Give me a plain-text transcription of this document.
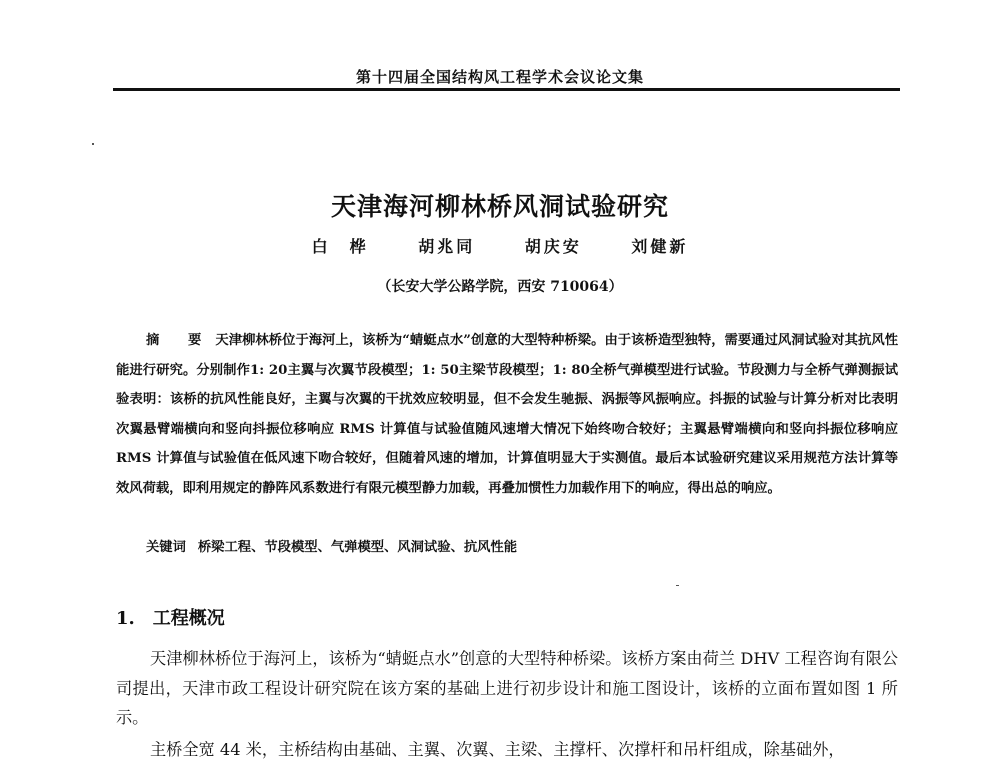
第十四届全国结构风工程学术会议论文集
天津海河柳林桥风洞试验研究
白　桦	胡兆同	胡庆安	刘健新
（长安大学公路学院，西安 710064）
摘 要 天津柳林桥位于海河上，该桥为“蜻蜓点水”创意的大型特种桥梁。由于该桥造型独特，需要通过风洞试验对其抗风性能进行研究。分别制作1: 20主翼与次翼节段模型；1: 50主梁节段模型；1: 80全桥气弹模型进行试验。节段测力与全桥气弹测振试验表明：该桥的抗风性能良好，主翼与次翼的干扰效应较明显，但不会发生驰振、涡振等风振响应。抖振的试验与计算分析对比表明次翼悬臂端横向和竖向抖振位移响应 RMS 计算值与试验值随风速增大情况下始终吻合较好；主翼悬臂端横向和竖向抖振位移响应 RMS 计算值与试验值在低风速下吻合较好，但随着风速的增加，计算值明显大于实测值。最后本试验研究建议采用规范方法计算等效风荷载，即利用规定的静阵风系数进行有限元模型静力加载，再叠加惯性力加载作用下的响应，得出总的响应。
关键词 桥梁工程、节段模型、气弹模型、风洞试验、抗风性能
1. 工程概况
天津柳林桥位于海河上，该桥为“蜻蜓点水”创意的大型特种桥梁。该桥方案由荷兰 DHV 工程咨询有限公司提出，天津市政工程设计研究院在该方案的基础上进行初步设计和施工图设计，该桥的立面布置如图 1 所示。
主桥全宽 44 米，主桥结构由基础、主翼、次翼、主梁、主撑杆、次撑杆和吊杆组成，除基础外，
